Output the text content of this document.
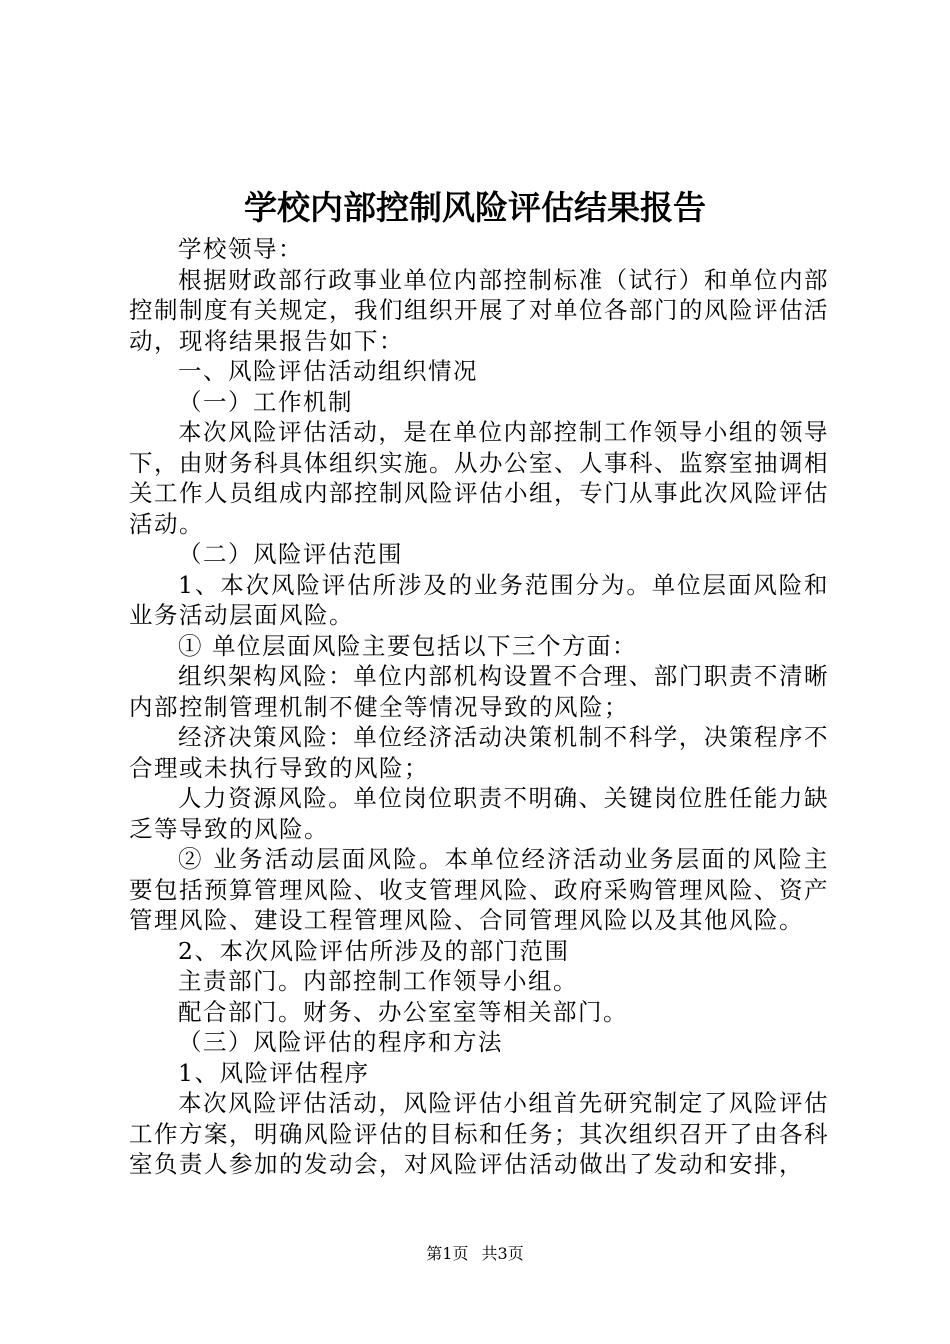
学校内部控制风险评估结果报告

学校领导：

根据财政部行政事业单位内部控制标准（试行）和单位内部控制制度有关规定，我们组织开展了对单位各部门的风险评估活动，现将结果报告如下：

一、风险评估活动组织情况

（一）工作机制

本次风险评估活动，是在单位内部控制工作领导小组的领导下，由财务科具体组织实施。从办公室、人事科、监察室抽调相关工作人员组成内部控制风险评估小组，专门从事此次风险评估活动。

（二）风险评估范围

1、本次风险评估所涉及的业务范围分为。单位层面风险和业务活动层面风险。

① 单位层面风险主要包括以下三个方面：

组织架构风险：单位内部机构设置不合理、部门职责不清晰内部控制管理机制不健全等情况导致的风险；

经济决策风险：单位经济活动决策机制不科学，决策程序不合理或未执行导致的风险；

人力资源风险。单位岗位职责不明确、关键岗位胜任能力缺乏等导致的风险。

② 业务活动层面风险。本单位经济活动业务层面的风险主要包括预算管理风险、收支管理风险、政府采购管理风险、资产管理风险、建设工程管理风险、合同管理风险以及其他风险。

2、本次风险评估所涉及的部门范围

主责部门。内部控制工作领导小组。

配合部门。财务、办公室室等相关部门。

（三）风险评估的程序和方法

1、风险评估程序

本次风险评估活动，风险评估小组首先研究制定了风险评估工作方案，明确风险评估的目标和任务；其次组织召开了由各科室负责人参加的发动会，对风险评估活动做出了发动和安排，

第1页 共3页
